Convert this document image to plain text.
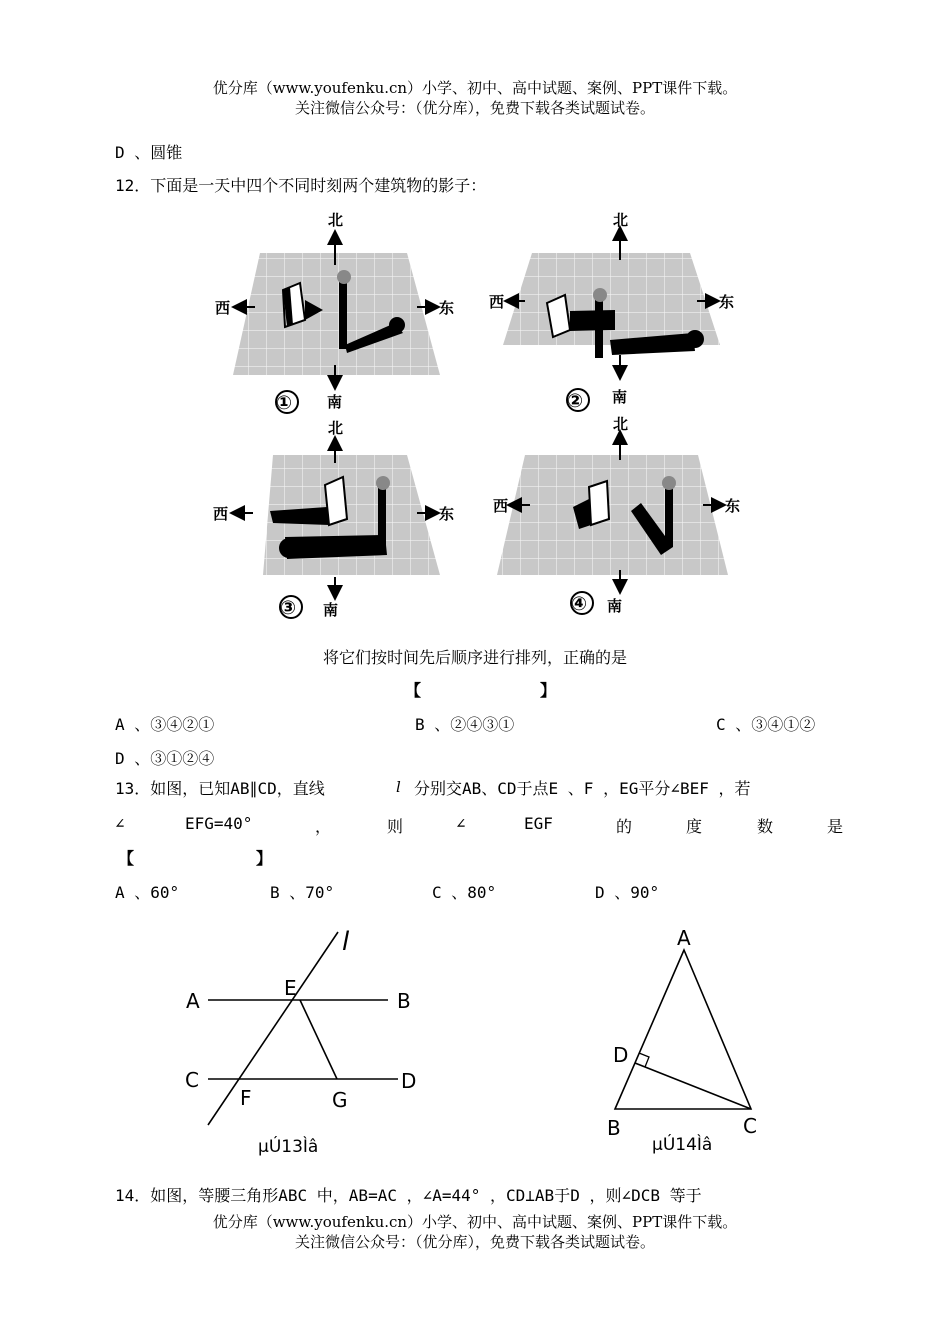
优分库（www.youfenku.cn）小学、初中、高中试题、案例、PPT课件下载。
关注微信公众号：（优分库），免费下载各类试题试卷。
D 、圆锥
12．下面是一天中四个不同时刻两个建筑物的影子：
北
南
西	东
①
北
南
西	东
②
北
南
西	东
③
北
南
西	东
④
将它们按时间先后顺序进行排列，正确的是
【	】
A 、③④②①	B 、②④③①	C 、③④①②
D 、③①②④
13．如图，已知AB∥CD，直线	l 分别交AB、CD于点E 、F ，EG平分∠BEF ，若
∠	EFG=40°	，	则	∠	EGF	的	度	数	是
【	】
A 、60°	B 、70°	C 、80°	D 、90°
l
A	B
E
C	D
F	G
µÚ13Ìâ
A
D
B	C
µÚ14Ìâ
14．如图，等腰三角形ABC 中，AB=AC ，∠A=44° ，CD⊥AB于D ，则∠DCB 等于
优分库（www.youfenku.cn）小学、初中、高中试题、案例、PPT课件下载。
关注微信公众号：（优分库），免费下载各类试题试卷。
